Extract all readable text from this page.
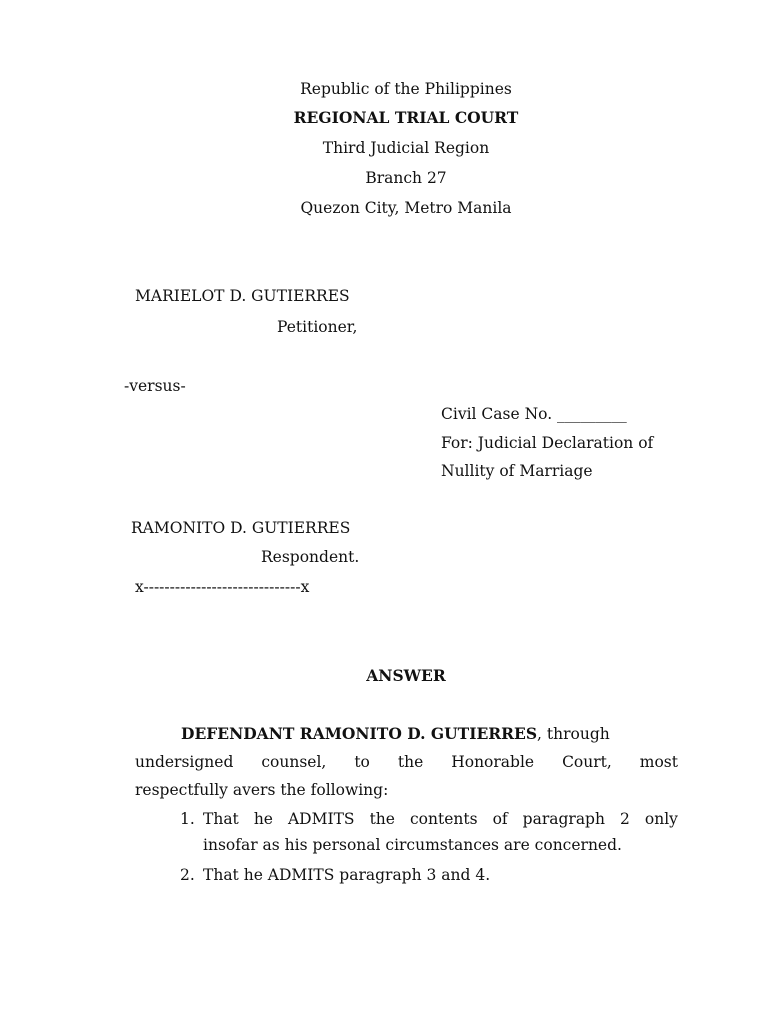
Republic of the Philippines
REGIONAL TRIAL COURT
Third Judicial Region
Branch 27
Quezon City, Metro Manila
MARIELOT D. GUTIERRES
Petitioner,
-versus-
Civil Case No. _________
For: Judicial Declaration of
Nullity of Marriage
RAMONITO D. GUTIERRES
Respondent.
x------------------------------x
ANSWER
DEFENDANT RAMONITO D. GUTIERRES, through
undersigned counsel, to the Honorable Court, most
respectfully avers the following:
1. That he ADMITS the contents of paragraph 2 only
insofar as his personal circumstances are concerned.
2. That he ADMITS paragraph 3 and 4.
